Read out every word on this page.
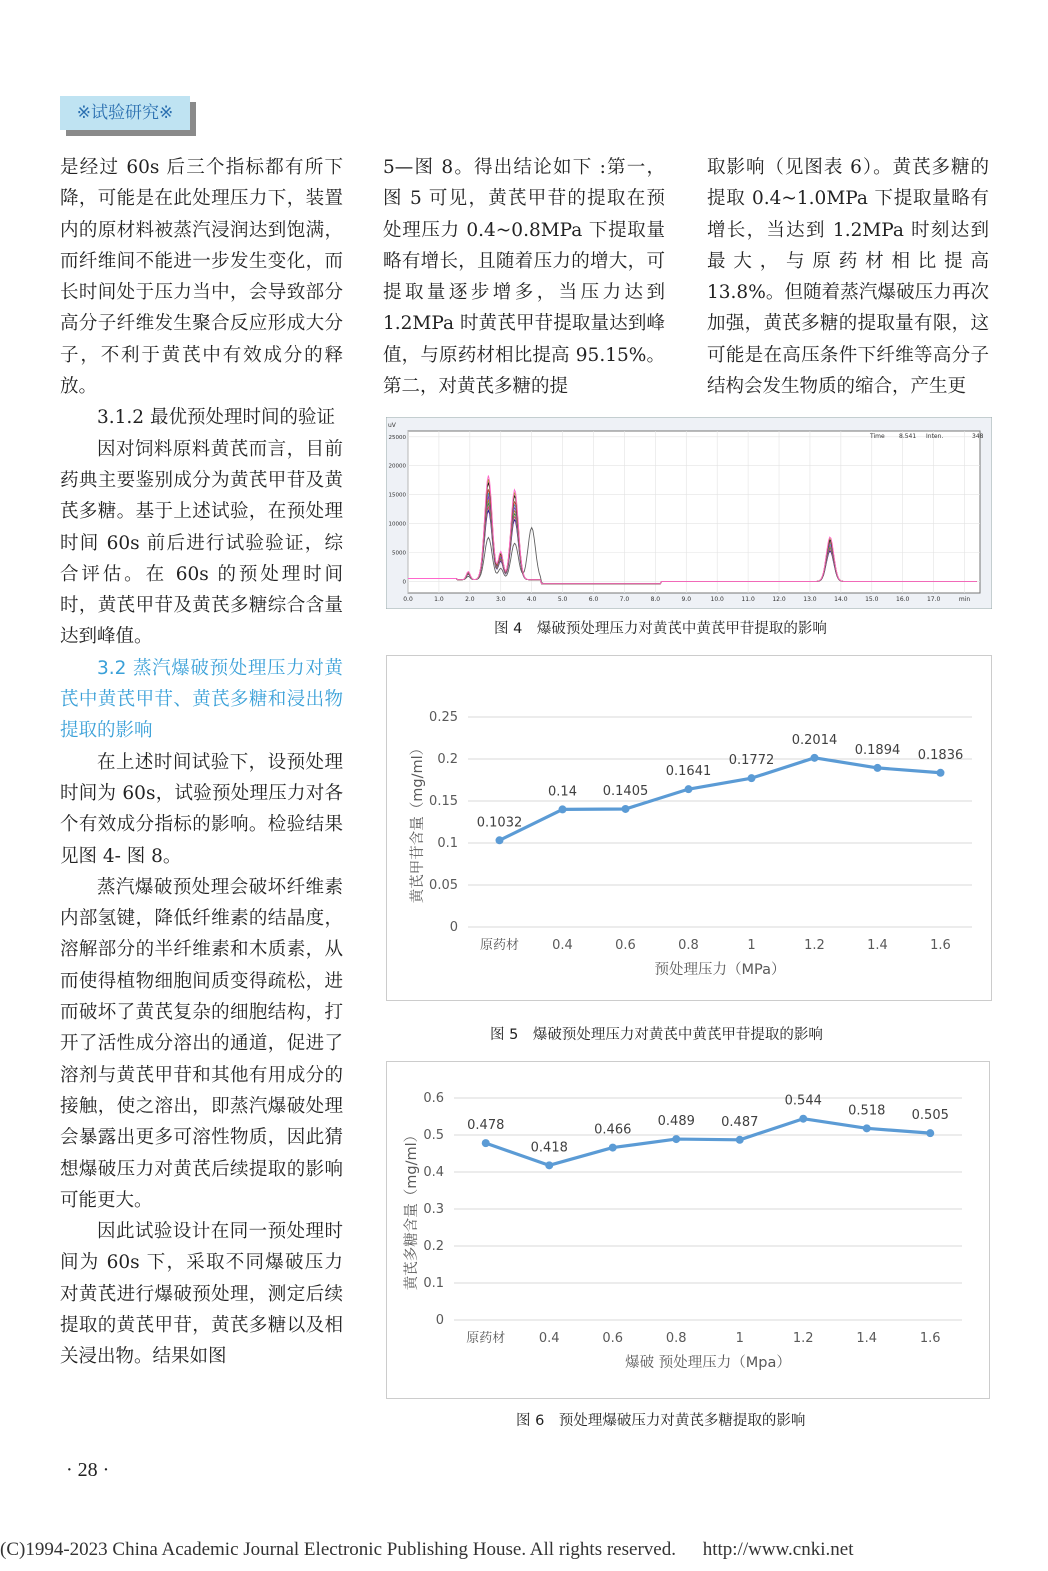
※试验研究※

是经过 60s 后三个指标都有所下降，可能是在此处理压力下，装置内的原材料被蒸汽浸润达到饱满，而纤维间不能进一步发生变化，而长时间处于压力当中，会导致部分高分子纤维发生聚合反应形成大分子，不利于黄芪中有效成分的释放。

3.1.2 最优预处理时间的验证

因对饲料原料黄芪而言，目前药典主要鉴别成分为黄芪甲苷及黄芪多糖。基于上述试验，在预处理时间 60s 前后进行试验验证，综合评估。在 60s 的预处理时间时，黄芪甲苷及黄芪多糖综合含量达到峰值。

3.2 蒸汽爆破预处理压力对黄芪中黄芪甲苷、黄芪多糖和浸出物提取的影响

在上述时间试验下，设预处理时间为 60s，试验预处理压力对各个有效成分指标的影响。检验结果见图 4- 图 8。

蒸汽爆破预处理会破坏纤维素内部氢键，降低纤维素的结晶度，溶解部分的半纤维素和木质素，从而使得植物细胞间质变得疏松，进而破坏了黄芪复杂的细胞结构，打开了活性成分溶出的通道，促进了溶剂与黄芪甲苷和其他有用成分的接触，使之溶出，即蒸汽爆破处理会暴露出更多可溶性物质，因此猜想爆破压力对黄芪后续提取的影响可能更大。

因此试验设计在同一预处理时间为 60s 下，采取不同爆破压力对黄芪进行爆破预处理，测定后续提取的黄芪甲苷，黄芪多糖以及相关浸出物。结果如图

5—图 8。得出结论如下 :第一，图 5 可见，黄芪甲苷的提取在预处理压力 0.4~0.8MPa 下提取量略有增长，且随着压力的增大，可提取量逐步增多，当压力达到 1.2MPa 时黄芪甲苷提取量达到峰值，与原药材相比提高 95.15%。第二，对黄芪多糖的提

取影响（见图表 6）。黄芪多糖的提取 0.4~1.0MPa 下提取量略有增长，当达到 1.2MPa 时刻达到最大，与原药材相比提高 13.8%。但随着蒸汽爆破压力再次加强，黄芪多糖的提取量有限，这可能是在高压条件下纤维等高分子结构会发生物质的缩合，产生更

0.0	1.0	2.0	3.0	4.0	5.0	6.0	7.0	8.0	9.0	10.0	11.0	12.0	13.0	14.0	15.0	16.0	17.0	min
0
5000
10000
15000
20000
25000
uV
Time 8.541 Inten.	348
图 4　爆破预处理压力对黄芪中黄芪甲苷提取的影响
0
0.05
0.1
0.15
0.2
0.25
原药材	0.4	0.6	0.8	1	1.2	1.4	1.6
0.1032
0.14 0.1405
0.1641
0.1772
0.2014
0.1894 0.1836
预处理压力（MPa）
黄芪甲苷含量（mg/ml）
图 5　爆破预处理压力对黄芪中黄芪甲苷提取的影响
0
0.1
0.2
0.3
0.4
0.5
0.6
原药材	0.4	0.6	0.8	1	1.2	1.4	1.6
0.478
0.418
0.466
0.489 0.487
0.544
0.518 0.505
爆破 预处理压力（Mpa）
黄芪多糖含量（mg/ml）
图 6　预处理爆破压力对黄芪多糖提取的影响
· 28 ·
(C)1994-2023 China Academic Journal Electronic Publishing House. All rights reserved. http://www.cnki.net
